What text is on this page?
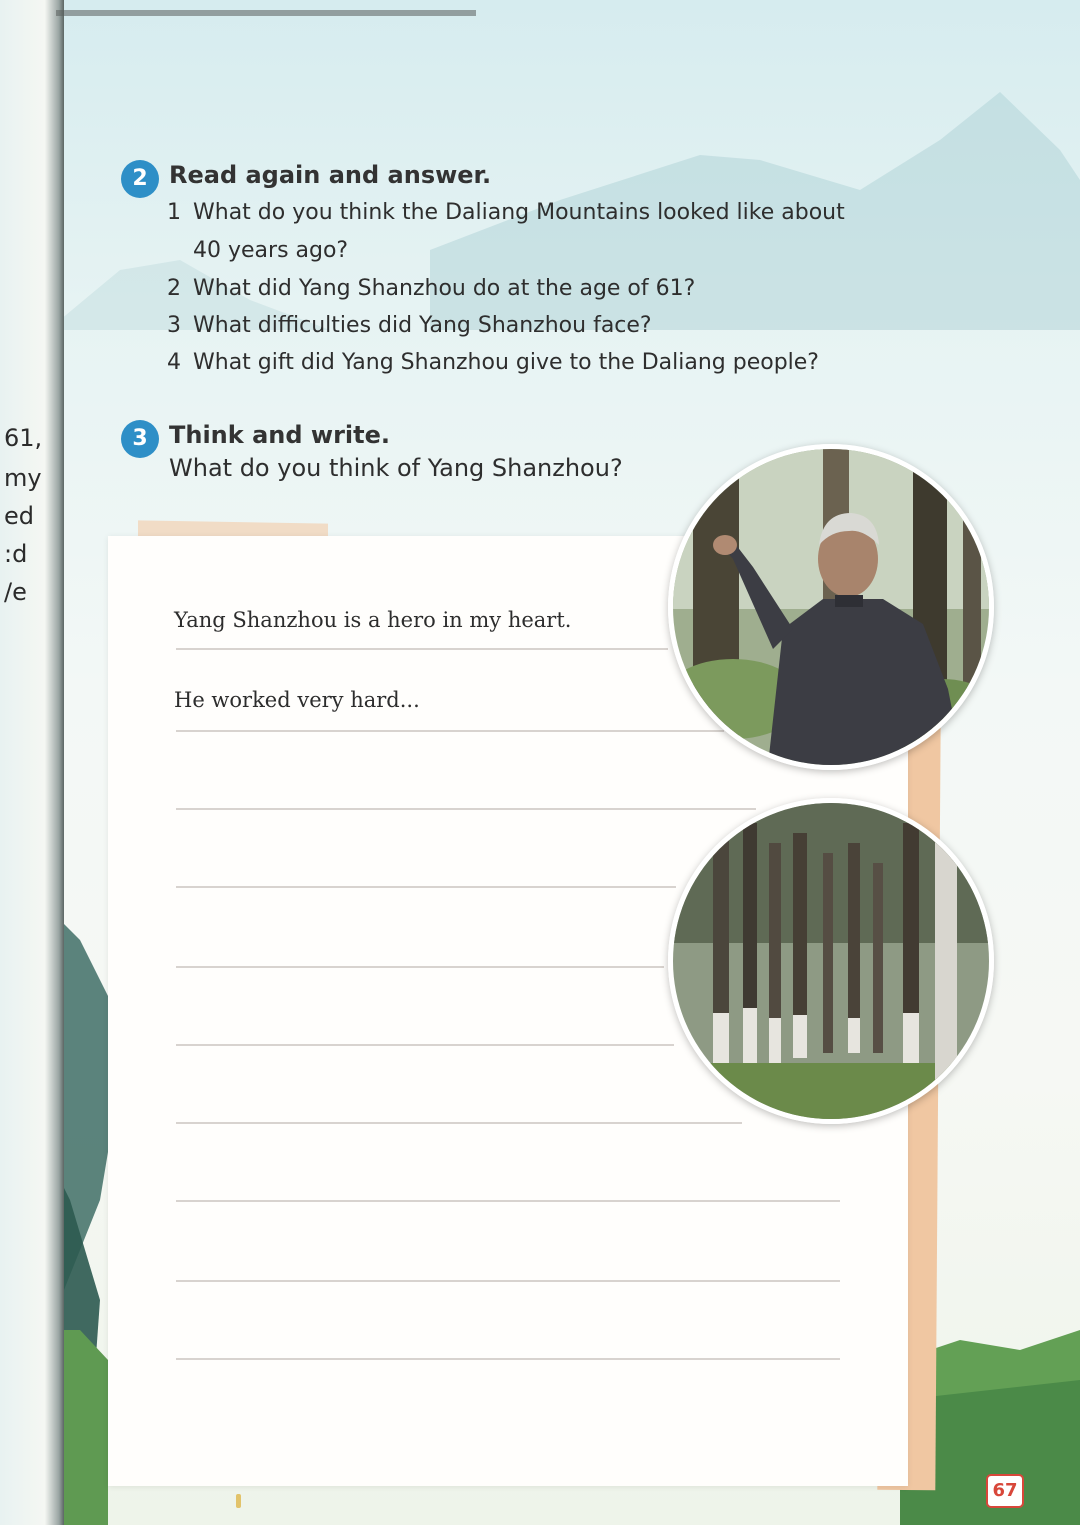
61,
my
ed
:d
/e
2 Read again and answer.
1 What do you think the Daliang Mountains looked like about
40 years ago?
2 What did Yang Shanzhou do at the age of 61?
3 What difficulties did Yang Shanzhou face?
4 What gift did Yang Shanzhou give to the Daliang people?
3 Think and write.
What do you think of Yang Shanzhou?
Yang Shanzhou is a hero in my heart.
He worked very hard...
67
